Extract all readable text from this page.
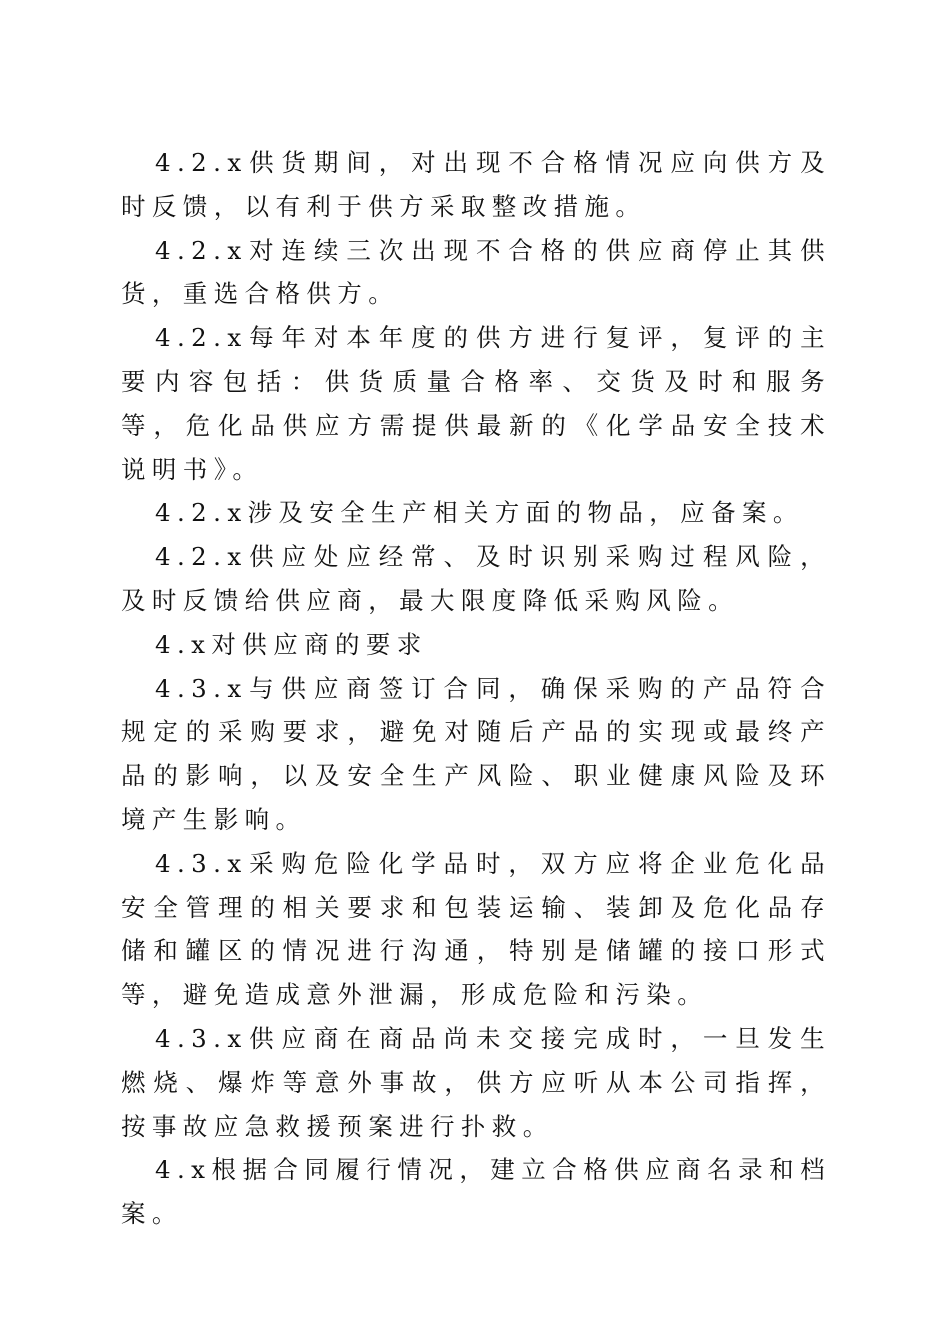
4.2.x供货期间，对出现不合格情况应向供方及时反馈，以有利于供方采取整改措施。

4.2.x对连续三次出现不合格的供应商停止其供货，重选合格供方。

4.2.x每年对本年度的供方进行复评，复评的主要内容包括：供货质量合格率、交货及时和服务等，危化品供应方需提供最新的《化学品安全技术说明书》。

4.2.x涉及安全生产相关方面的物品，应备案。

4.2.x供应处应经常、及时识别采购过程风险，及时反馈给供应商，最大限度降低采购风险。

4.x对供应商的要求

4.3.x与供应商签订合同，确保采购的产品符合规定的采购要求，避免对随后产品的实现或最终产品的影响，以及安全生产风险、职业健康风险及环境产生影响。

4.3.x采购危险化学品时，双方应将企业危化品安全管理的相关要求和包装运输、装卸及危化品存储和罐区的情况进行沟通，特别是储罐的接口形式等，避免造成意外泄漏，形成危险和污染。

4.3.x供应商在商品尚未交接完成时，一旦发生燃烧、爆炸等意外事故，供方应听从本公司指挥，按事故应急救援预案进行扑救。

4.x根据合同履行情况，建立合格供应商名录和档案。
